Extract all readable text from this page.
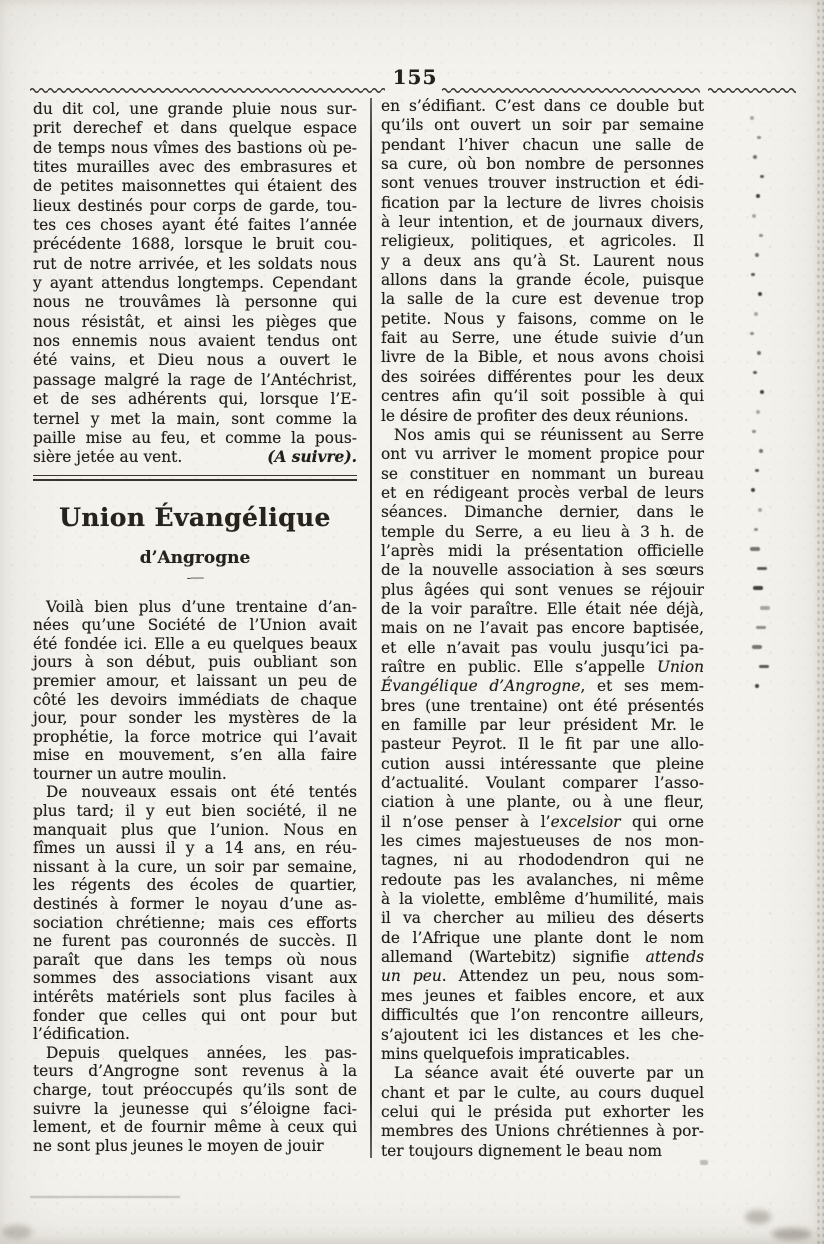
155
du dit col, une grande pluie nous sur-
prit derechef et dans quelque espace
de temps nous vîmes des bastions où pe-
tites murailles avec des embrasures et
de petites maisonnettes qui étaient des
lieux destinés pour corps de garde, tou-
tes ces choses ayant été faites l’année
précédente 1688, lorsque le bruit cou-
rut de notre arrivée, et les soldats nous
y ayant attendus longtemps. Cependant
nous ne trouvâmes là personne qui
nous résistât, et ainsi les pièges que
nos ennemis nous avaient tendus ont
été vains, et Dieu nous a ouvert le
passage malgré la rage de l’Antéchrist,
et de ses adhérents qui, lorsque l’E-
ternel y met la main, sont comme la
paille mise au feu, et comme la pous-
sière jetée au vent.	(A suivre).
Union Évangélique
d’Angrogne
-—
Voilà bien plus d’une trentaine d’an-
nées qu’une Société de l’Union avait
été fondée ici. Elle a eu quelques beaux
jours à son début, puis oubliant son
premier amour, et laissant un peu de
côté les devoirs immédiats de chaque
jour, pour sonder les mystères de la
prophétie, la force motrice qui l’avait
mise en mouvement, s’en alla faire
tourner un autre moulin.
De nouveaux essais ont été tentés
plus tard; il y eut bien société, il ne
manquait plus que l’union. Nous en
fîmes un aussi il y a 14 ans, en réu-
nissant à la cure, un soir par semaine,
les régents des écoles de quartier,
destinés à former le noyau d’une as-
sociation chrétienne; mais ces efforts
ne furent pas couronnés de succès. Il
paraît que dans les temps où nous
sommes des associations visant aux
intérêts matériels sont plus faciles à
fonder que celles qui ont pour but
l’édification.
Depuis quelques années, les pas-
teurs d’Angrogne sont revenus à la
charge, tout préoccupés qu’ils sont de
suivre la jeunesse qui s’éloigne faci-
lement, et de fournir même à ceux qui
ne sont plus jeunes le moyen de jouir
en s’édifiant. C’est dans ce double but
qu’ils ont ouvert un soir par semaine
pendant l’hiver chacun une salle de
sa cure, où bon nombre de personnes
sont venues trouver instruction et édi-
fication par la lecture de livres choisis
à leur intention, et de journaux divers,
religieux, politiques, et agricoles. Il
y a deux ans qu’à St. Laurent nous
allons dans la grande école, puisque
la salle de la cure est devenue trop
petite. Nous y faisons, comme on le
fait au Serre, une étude suivie d’un
livre de la Bible, et nous avons choisi
des soirées différentes pour les deux
centres afin qu’il soit possible à qui
le désire de profiter des deux réunions.
Nos amis qui se réunissent au Serre
ont vu arriver le moment propice pour
se constituer en nommant un bureau
et en rédigeant procès verbal de leurs
séances. Dimanche dernier, dans le
temple du Serre, a eu lieu à 3 h. de
l’après midi la présentation officielle
de la nouvelle association à ses sœurs
plus âgées qui sont venues se réjouir
de la voir paraître. Elle était née déjà,
mais on ne l’avait pas encore baptisée,
et elle n’avait pas voulu jusqu’ici pa-
raître en public. Elle s’appelle Union
Évangélique d’Angrogne, et ses mem-
bres (une trentaine) ont été présentés
en famille par leur président Mr. le
pasteur Peyrot. Il le fit par une allo-
cution aussi intéressante que pleine
d’actualité. Voulant comparer l’asso-
ciation à une plante, ou à une fleur,
il n’ose penser à l’excelsior qui orne
les cimes majestueuses de nos mon-
tagnes, ni au rhododendron qui ne
redoute pas les avalanches, ni même
à la violette, emblême d’humilité, mais
il va chercher au milieu des déserts
de l’Afrique une plante dont le nom
allemand (Wartebitz) signifie attends
un peu. Attendez un peu, nous som-
mes jeunes et faibles encore, et aux
difficultés que l’on rencontre ailleurs,
s’ajoutent ici les distances et les che-
mins quelquefois impraticables.
La séance avait été ouverte par un
chant et par le culte, au cours duquel
celui qui le présida put exhorter les
membres des Unions chrétiennes à por-
ter toujours dignement le beau nom
